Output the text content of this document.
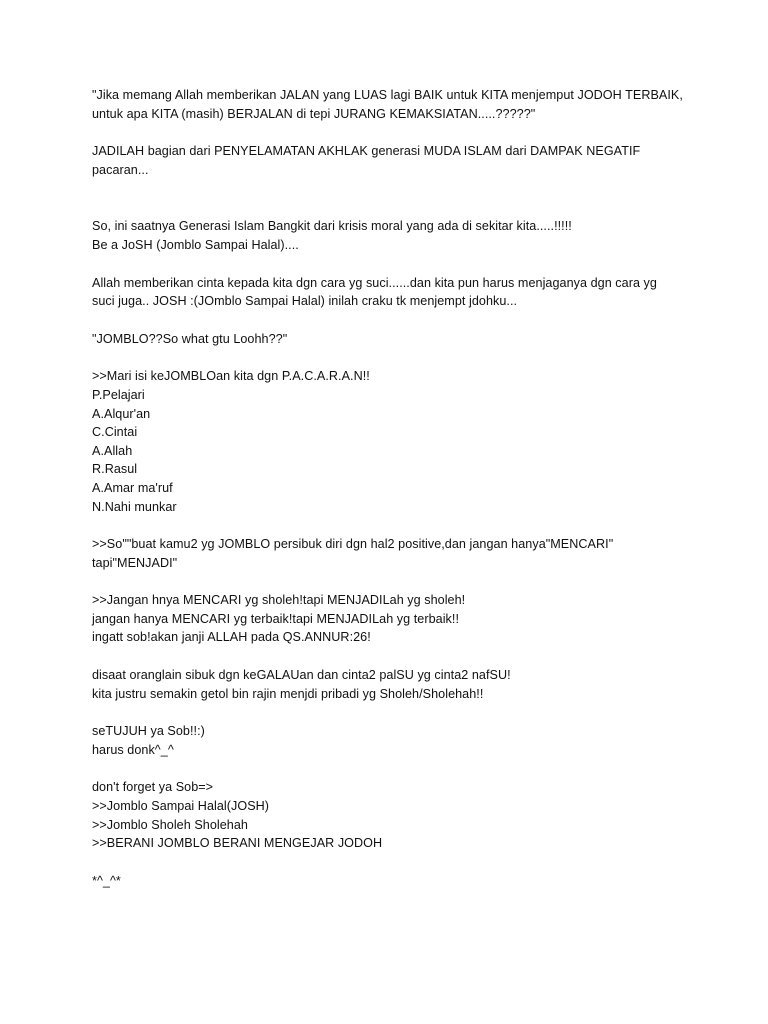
"Jika memang Allah memberikan JALAN yang LUAS lagi BAIK untuk KITA menjemput JODOH TERBAIK,
untuk apa KITA (masih) BERJALAN di tepi JURANG KEMAKSIATAN.....?????"
JADILAH bagian dari PENYELAMATAN AKHLAK generasi MUDA ISLAM dari DAMPAK NEGATIF
pacaran...
So, ini saatnya Generasi Islam Bangkit dari krisis moral yang ada di sekitar kita.....!!!!!
Be a JoSH (Jomblo Sampai Halal)....
Allah memberikan cinta kepada kita dgn cara yg suci......dan kita pun harus menjaganya dgn cara yg
suci juga.. JOSH :(JOmblo Sampai Halal) inilah craku tk menjempt jdohku...
"JOMBLO??So what gtu Loohh??"
>>Mari isi keJOMBLOan kita dgn P.A.C.A.R.A.N!!
P.Pelajari
A.Alqur'an
C.Cintai
A.Allah
R.Rasul
A.Amar ma'ruf
N.Nahi munkar
>>So""buat kamu2 yg JOMBLO persibuk diri dgn hal2 positive,dan jangan hanya"MENCARI"
tapi"MENJADI"
>>Jangan hnya MENCARI yg sholeh!tapi MENJADILah yg sholeh!
jangan hanya MENCARI yg terbaik!tapi MENJADILah yg terbaik!!
ingatt sob!akan janji ALLAH pada QS.ANNUR:26!
disaat oranglain sibuk dgn keGALAUan dan cinta2 palSU yg cinta2 nafSU!
kita justru semakin getol bin rajin menjdi pribadi yg Sholeh/Sholehah!!
seTUJUH ya Sob!!:)
harus donk^_^
don't forget ya Sob=>
>>Jomblo Sampai Halal(JOSH)
>>Jomblo Sholeh Sholehah
>>BERANI JOMBLO BERANI MENGEJAR JODOH
*^_^*
